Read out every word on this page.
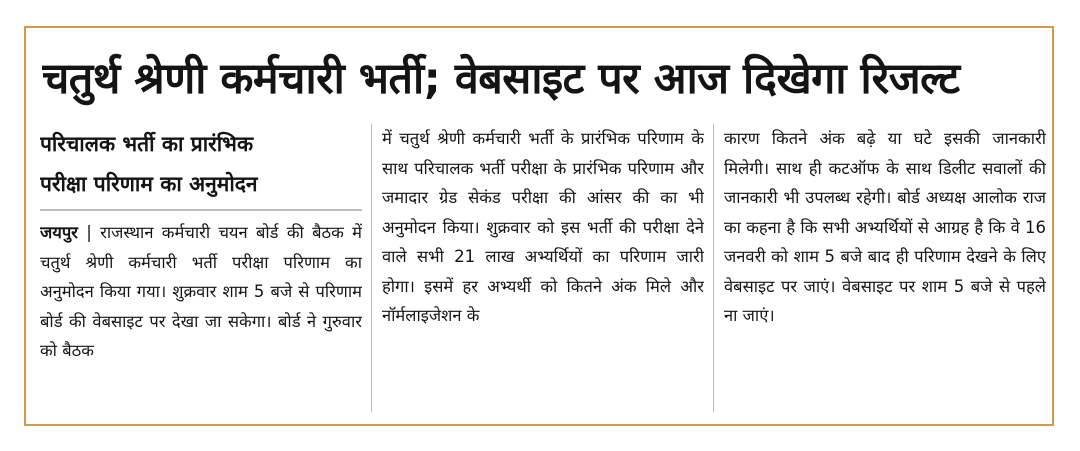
चतुर्थ श्रेणी कर्मचारी भर्ती; वेबसाइट पर आज दिखेगा रिजल्ट
परिचालक भर्ती का प्रारंभिक
परीक्षा परिणाम का अनुमोदन

जयपुर | राजस्थान कर्मचारी चयन बोर्ड की बैठक में चतुर्थ श्रेणी कर्मचारी भर्ती परीक्षा परिणाम का अनुमोदन किया गया। शुक्रवार शाम 5 बजे से परिणाम बोर्ड की वेबसाइट पर देखा जा सकेगा। बोर्ड ने गुरुवार को बैठक

में चतुर्थ श्रेणी कर्मचारी भर्ती के प्रारंभिक परिणाम के साथ परिचालक भर्ती परीक्षा के प्रारंभिक परिणाम और जमादार ग्रेड सेकंड परीक्षा की आंसर की का भी अनुमोदन किया। शुक्रवार को इस भर्ती की परीक्षा देने वाले सभी 21 लाख अभ्यर्थियों का परिणाम जारी होगा। इसमें हर अभ्यर्थी को कितने अंक मिले और नॉर्मलाइजेशन के

कारण कितने अंक बढ़े या घटे इसकी जानकारी मिलेगी। साथ ही कटऑफ के साथ डिलीट सवालों की जानकारी भी उपलब्ध रहेगी। बोर्ड अध्यक्ष आलोक राज का कहना है कि सभी अभ्यर्थियों से आग्रह है कि वे 16 जनवरी को शाम 5 बजे बाद ही परिणाम देखने के लिए वेबसाइट पर जाएं। वेबसाइट पर शाम 5 बजे से पहले ना जाएं।
